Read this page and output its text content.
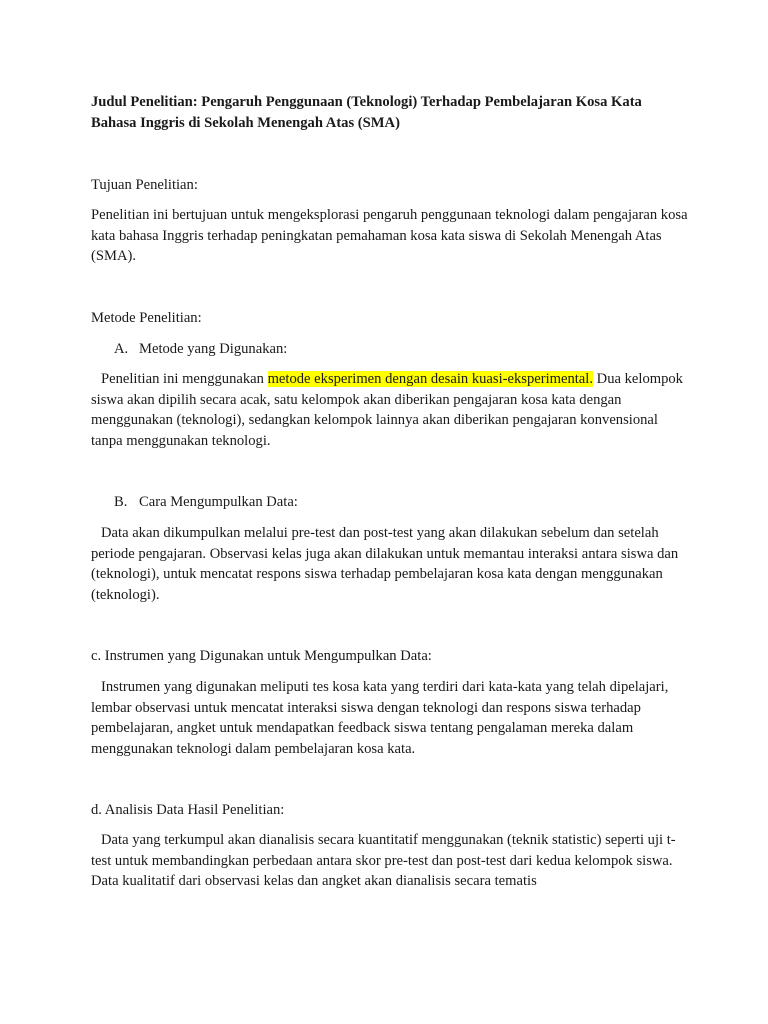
Judul Penelitian: Pengaruh Penggunaan (Teknologi) Terhadap Pembelajaran Kosa Kata Bahasa Inggris di Sekolah Menengah Atas (SMA)

Tujuan Penelitian:

Penelitian ini bertujuan untuk mengeksplorasi pengaruh penggunaan teknologi dalam pengajaran kosa kata bahasa Inggris terhadap peningkatan pemahaman kosa kata siswa di Sekolah Menengah Atas (SMA).

Metode Penelitian:

A. Metode yang Digunakan:

Penelitian ini menggunakan metode eksperimen dengan desain kuasi-eksperimental. Dua kelompok siswa akan dipilih secara acak, satu kelompok akan diberikan pengajaran kosa kata dengan menggunakan (teknologi), sedangkan kelompok lainnya akan diberikan pengajaran konvensional tanpa menggunakan teknologi.

B. Cara Mengumpulkan Data:

Data akan dikumpulkan melalui pre-test dan post-test yang akan dilakukan sebelum dan setelah periode pengajaran. Observasi kelas juga akan dilakukan untuk memantau interaksi antara siswa dan (teknologi), untuk mencatat respons siswa terhadap pembelajaran kosa kata dengan menggunakan (teknologi).

c. Instrumen yang Digunakan untuk Mengumpulkan Data:

Instrumen yang digunakan meliputi tes kosa kata yang terdiri dari kata-kata yang telah dipelajari, lembar observasi untuk mencatat interaksi siswa dengan teknologi dan respons siswa terhadap pembelajaran, angket untuk mendapatkan feedback siswa tentang pengalaman mereka dalam menggunakan teknologi dalam pembelajaran kosa kata.

d. Analisis Data Hasil Penelitian:

Data yang terkumpul akan dianalisis secara kuantitatif menggunakan (teknik statistic) seperti uji t-test untuk membandingkan perbedaan antara skor pre-test dan post-test dari kedua kelompok siswa. Data kualitatif dari observasi kelas dan angket akan dianalisis secara tematis
